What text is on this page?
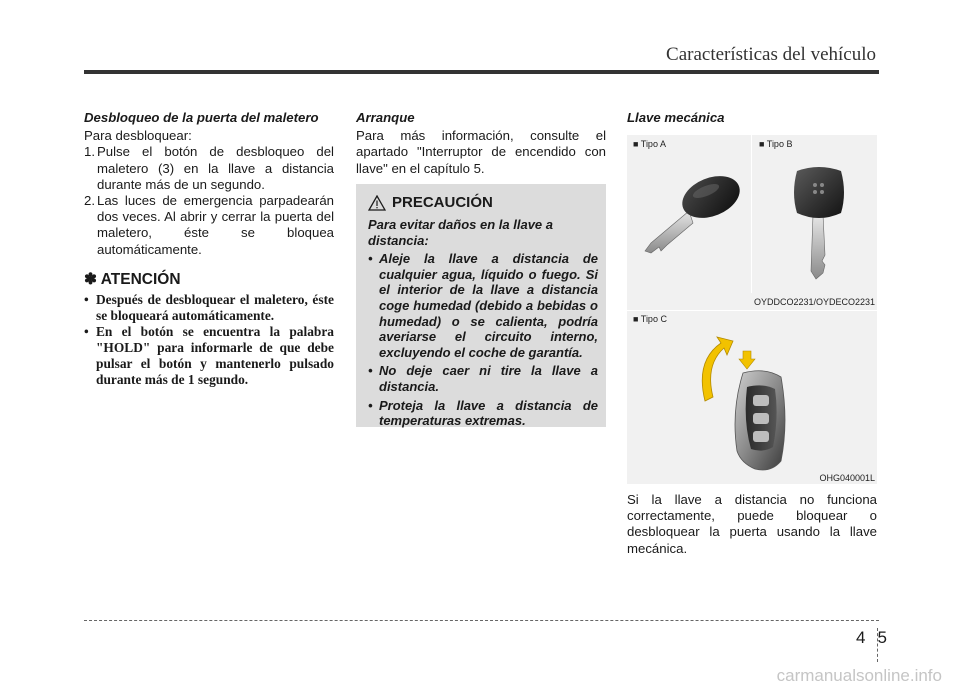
Características del vehículo
Desbloqueo de la puerta del maletero
Para desbloquear:
1. Pulse el botón de desbloqueo del maletero (3) en la llave a distancia durante más de un segundo.
2. Las luces de emergencia parpadearán dos veces. Al abrir y cerrar la puerta del maletero, éste se bloquea automáticamente.
✽ ATENCIÓN
• Después de desbloquear el maletero, éste se bloqueará automáticamente.
• En el botón se encuentra la palabra "HOLD" para informarle de que debe pulsar el botón y mantenerlo pulsado durante más de 1 segundo.
Arranque
Para más información, consulte el apartado "Interruptor de encendido con llave" en el capítulo 5.
PRECAUCIÓN
Para evitar daños en la llave a distancia:
• Aleje la llave a distancia de cualquier agua, líquido o fuego. Si el interior de la llave a distancia coge humedad (debido a bebidas o humedad) o se calienta, podría averiarse el circuito interno, excluyendo el coche de garantía.
• No deje caer ni tire la llave a distancia.
• Proteja la llave a distancia de temperaturas extremas.
Llave mecánica
■ Tipo A	■ Tipo B
OYDDCO2231/OYDECO2231
■ Tipo C
OHG040001L
Si la llave a distancia no funciona correctamente, puede bloquear o desbloquear la puerta usando la llave mecánica.
4 5
carmanualsonline.info
